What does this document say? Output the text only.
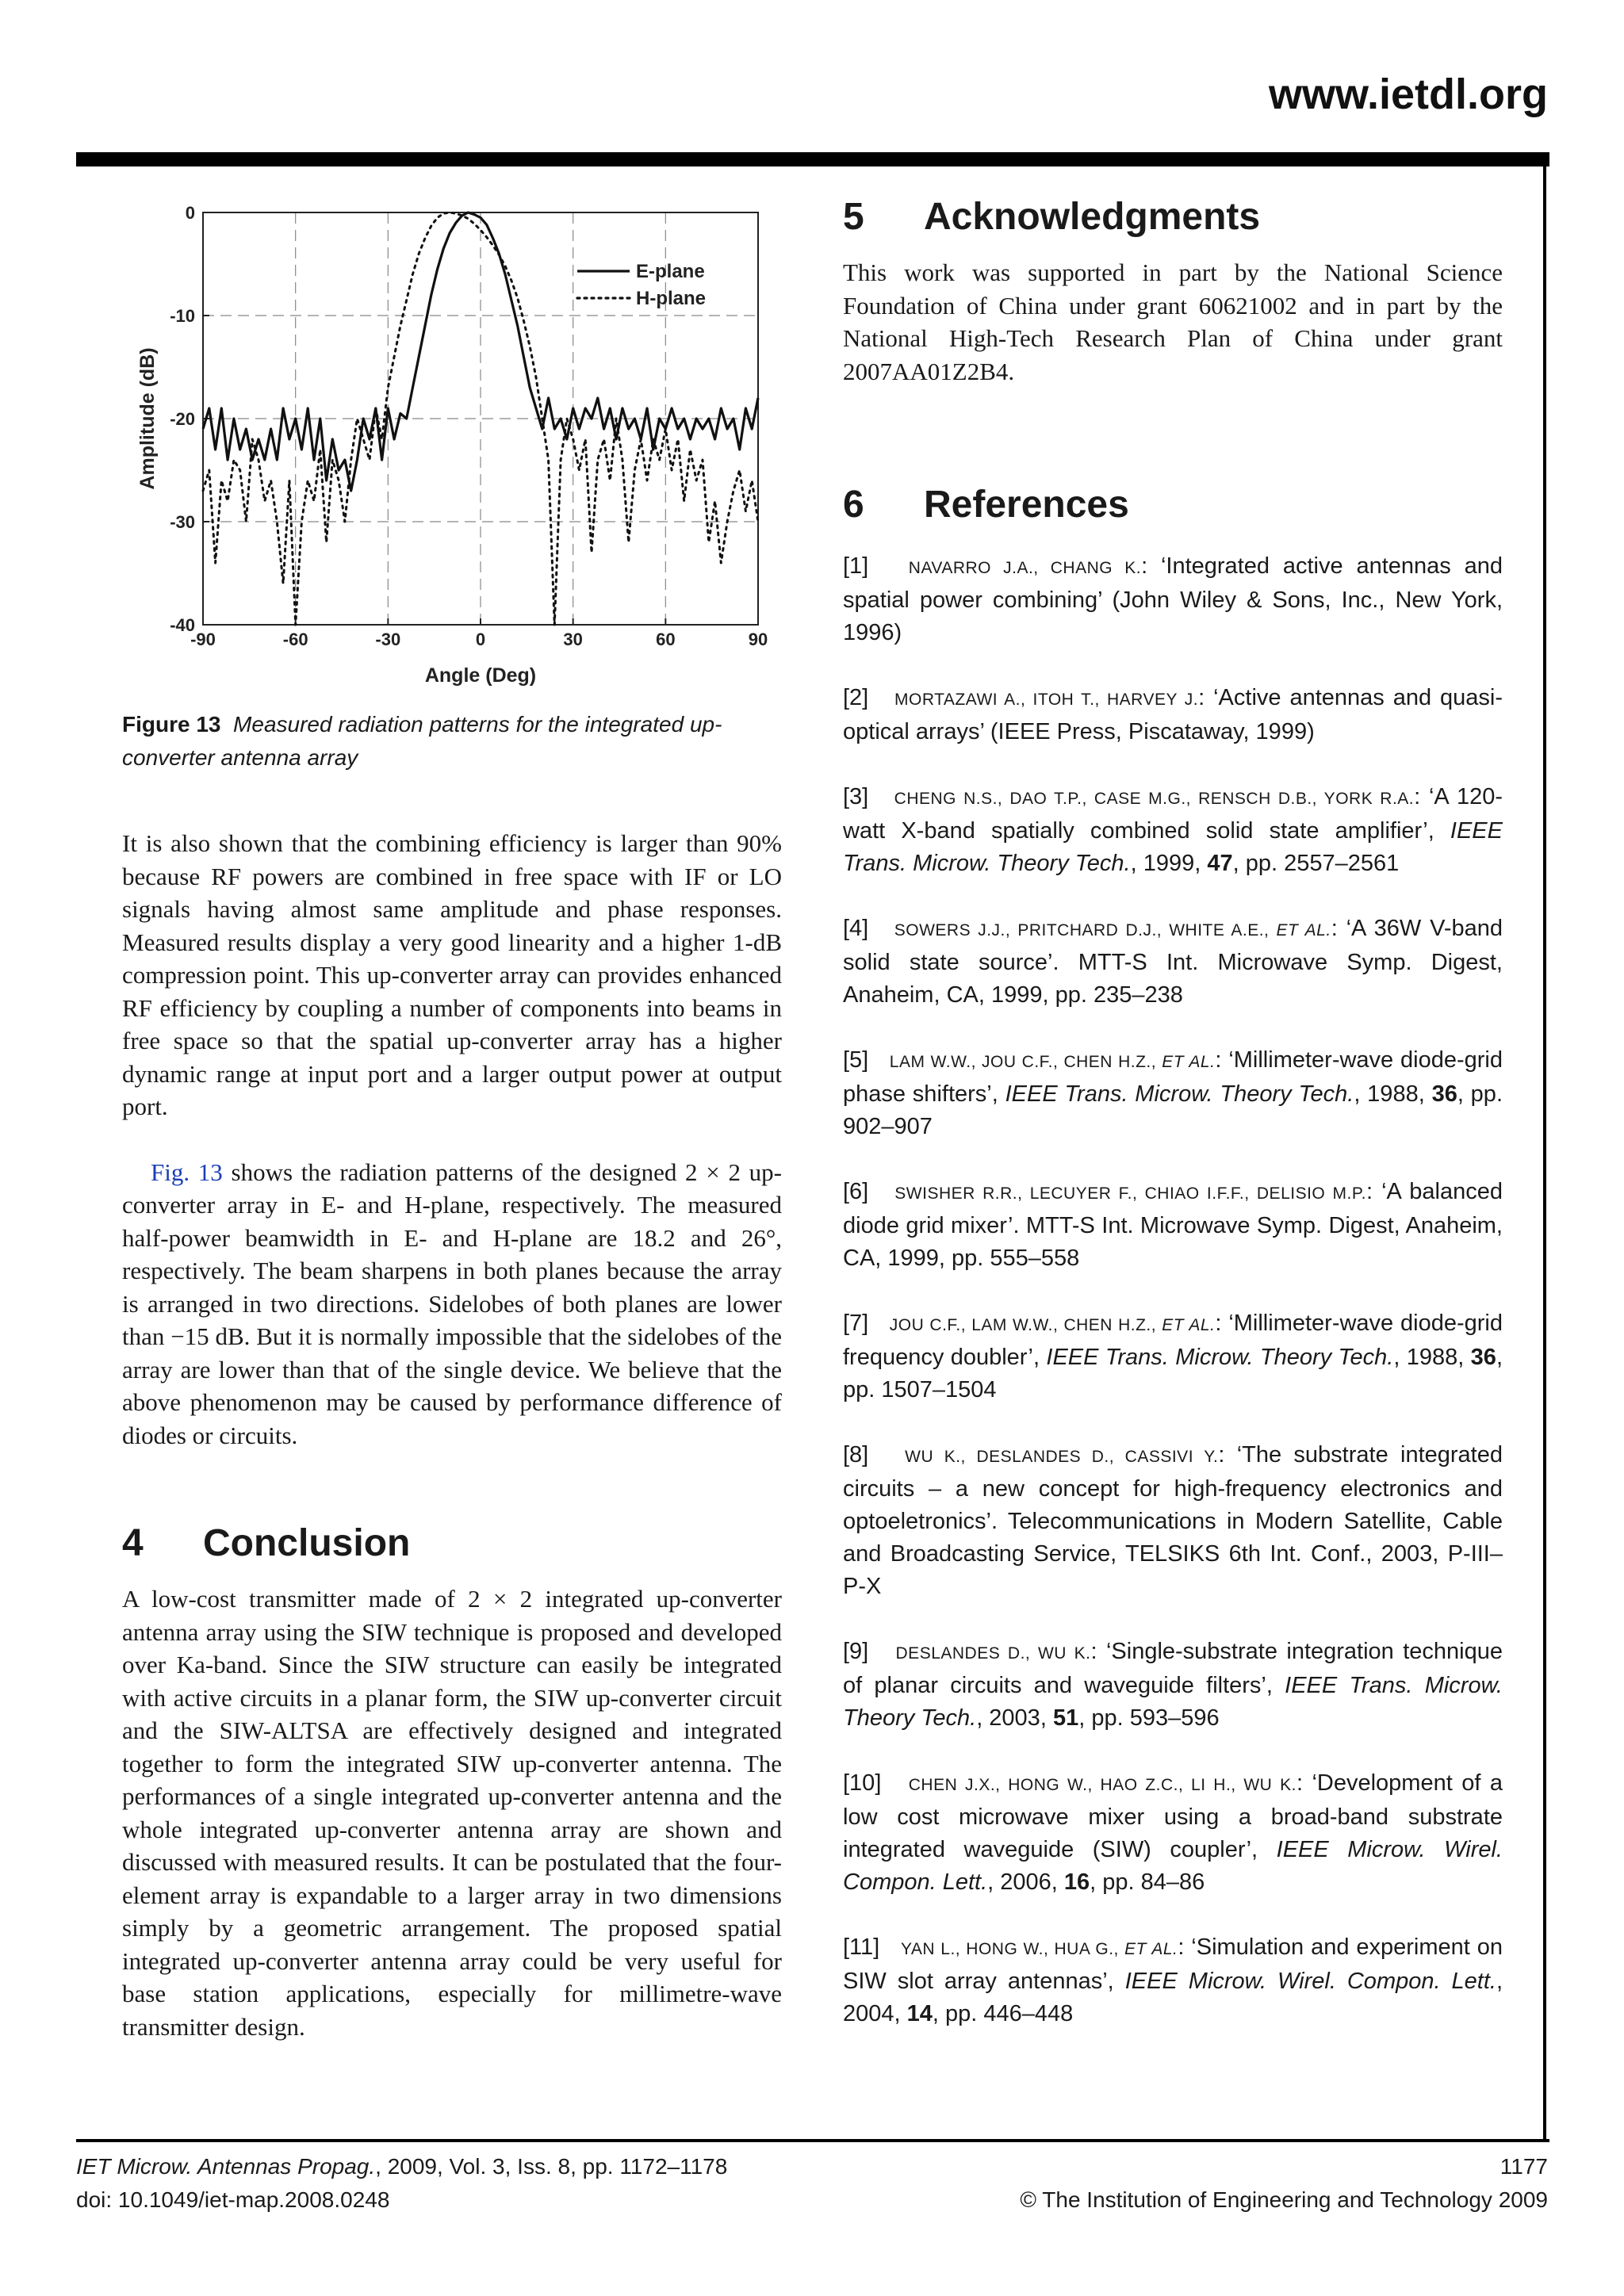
www.ietdl.org
-90	-60	-30	0	30	60	90
0
-10
-20
-30
-40
E-plane
H-plane
Angle (Deg)
Amplitude (dB)

Figure 13 Measured radiation patterns for the integrated up-converter antenna array

It is also shown that the combining efficiency is larger than 90% because RF powers are combined in free space with IF or LO signals having almost same amplitude and phase responses. Measured results display a very good linearity and a higher 1-dB compression point. This up-converter array can provides enhanced RF efficiency by coupling a number of components into beams in free space so that the spatial up-converter array has a higher dynamic range at input port and a larger output power at output port.

Fig. 13 shows the radiation patterns of the designed 2 × 2 up-converter array in E- and H-plane, respectively. The measured half-power beamwidth in E- and H-plane are 18.2 and 26°, respectively. The beam sharpens in both planes because the array is arranged in two directions. Sidelobes of both planes are lower than −15 dB. But it is normally impossible that the sidelobes of the array are lower than that of the single device. We believe that the above phenomenon may be caused by performance difference of diodes or circuits.

4 Conclusion

A low-cost transmitter made of 2 × 2 integrated up-converter antenna array using the SIW technique is proposed and developed over Ka-band. Since the SIW structure can easily be integrated with active circuits in a planar form, the SIW up-converter circuit and the SIW-ALTSA are effectively designed and integrated together to form the integrated SIW up-converter antenna. The performances of a single integrated up-converter antenna and the whole integrated up-converter antenna array are shown and discussed with measured results. It can be postulated that the four-element array is expandable to a larger array in two dimensions simply by a geometric arrangement. The proposed spatial integrated up-converter antenna array could be very useful for base station applications, especially for millimetre-wave transmitter design.

5 Acknowledgments

This work was supported in part by the National Science Foundation of China under grant 60621002 and in part by the National High-Tech Research Plan of China under grant 2007AA01Z2B4.

6 References

[1] NAVARRO J.A., CHANG K.: ‘Integrated active antennas and spatial power combining’ (John Wiley & Sons, Inc., New York, 1996)

[2] MORTAZAWI A., ITOH T., HARVEY J.: ‘Active antennas and quasi-optical arrays’ (IEEE Press, Piscataway, 1999)

[3] CHENG N.S., DAO T.P., CASE M.G., RENSCH D.B., YORK R.A.: ‘A 120-watt X-band spatially combined solid state amplifier’, IEEE Trans. Microw. Theory Tech., 1999, 47, pp. 2557–2561

[4] SOWERS J.J., PRITCHARD D.J., WHITE A.E., ET AL.: ‘A 36W V-band solid state source’. MTT-S Int. Microwave Symp. Digest, Anaheim, CA, 1999, pp. 235–238

[5] LAM W.W., JOU C.F., CHEN H.Z., ET AL.: ‘Millimeter-wave diode-grid phase shifters’, IEEE Trans. Microw. Theory Tech., 1988, 36, pp. 902–907

[6] SWISHER R.R., LECUYER F., CHIAO I.F.F., DELISIO M.P.: ‘A balanced diode grid mixer’. MTT-S Int. Microwave Symp. Digest, Anaheim, CA, 1999, pp. 555–558

[7] JOU C.F., LAM W.W., CHEN H.Z., ET AL.: ‘Millimeter-wave diode-grid frequency doubler’, IEEE Trans. Microw. Theory Tech., 1988, 36, pp. 1507–1504

[8] WU K., DESLANDES D., CASSIVI Y.: ‘The substrate integrated circuits – a new concept for high-frequency electronics and optoeletronics’. Telecommunications in Modern Satellite, Cable and Broadcasting Service, TELSIKS 6th Int. Conf., 2003, P-III–P-X

[9] DESLANDES D., WU K.: ‘Single-substrate integration technique of planar circuits and waveguide filters’, IEEE Trans. Microw. Theory Tech., 2003, 51, pp. 593–596

[10] CHEN J.X., HONG W., HAO Z.C., LI H., WU K.: ‘Development of a low cost microwave mixer using a broad-band substrate integrated waveguide (SIW) coupler’, IEEE Microw. Wirel. Compon. Lett., 2006, 16, pp. 84–86

[11] YAN L., HONG W., HUA G., ET AL.: ‘Simulation and experiment on SIW slot array antennas’, IEEE Microw. Wirel. Compon. Lett., 2004, 14, pp. 446–448

IET Microw. Antennas Propag., 2009, Vol. 3, Iss. 8, pp. 1172–1178
doi: 10.1049/iet-map.2008.0248
1177
© The Institution of Engineering and Technology 2009
